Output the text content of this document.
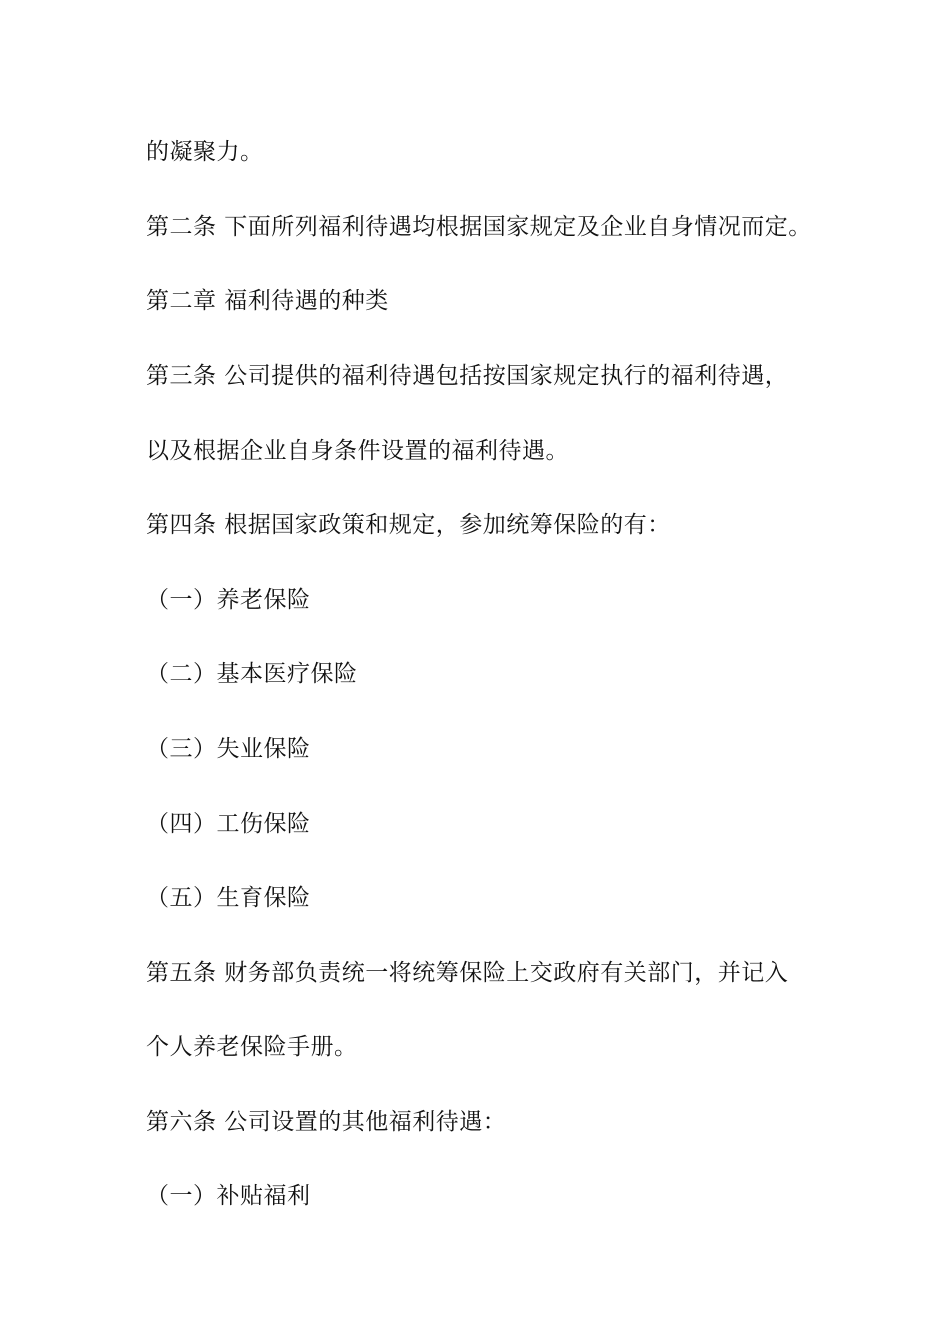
的凝聚力。

第二条 下面所列福利待遇均根据国家规定及企业自身情况而定。

第二章 福利待遇的种类

第三条 公司提供的福利待遇包括按国家规定执行的福利待遇，

以及根据企业自身条件设置的福利待遇。

第四条 根据国家政策和规定，参加统筹保险的有：

（一）养老保险

（二）基本医疗保险

（三）失业保险

（四）工伤保险

（五）生育保险

第五条 财务部负责统一将统筹保险上交政府有关部门，并记入

个人养老保险手册。

第六条 公司设置的其他福利待遇：

（一）补贴福利
